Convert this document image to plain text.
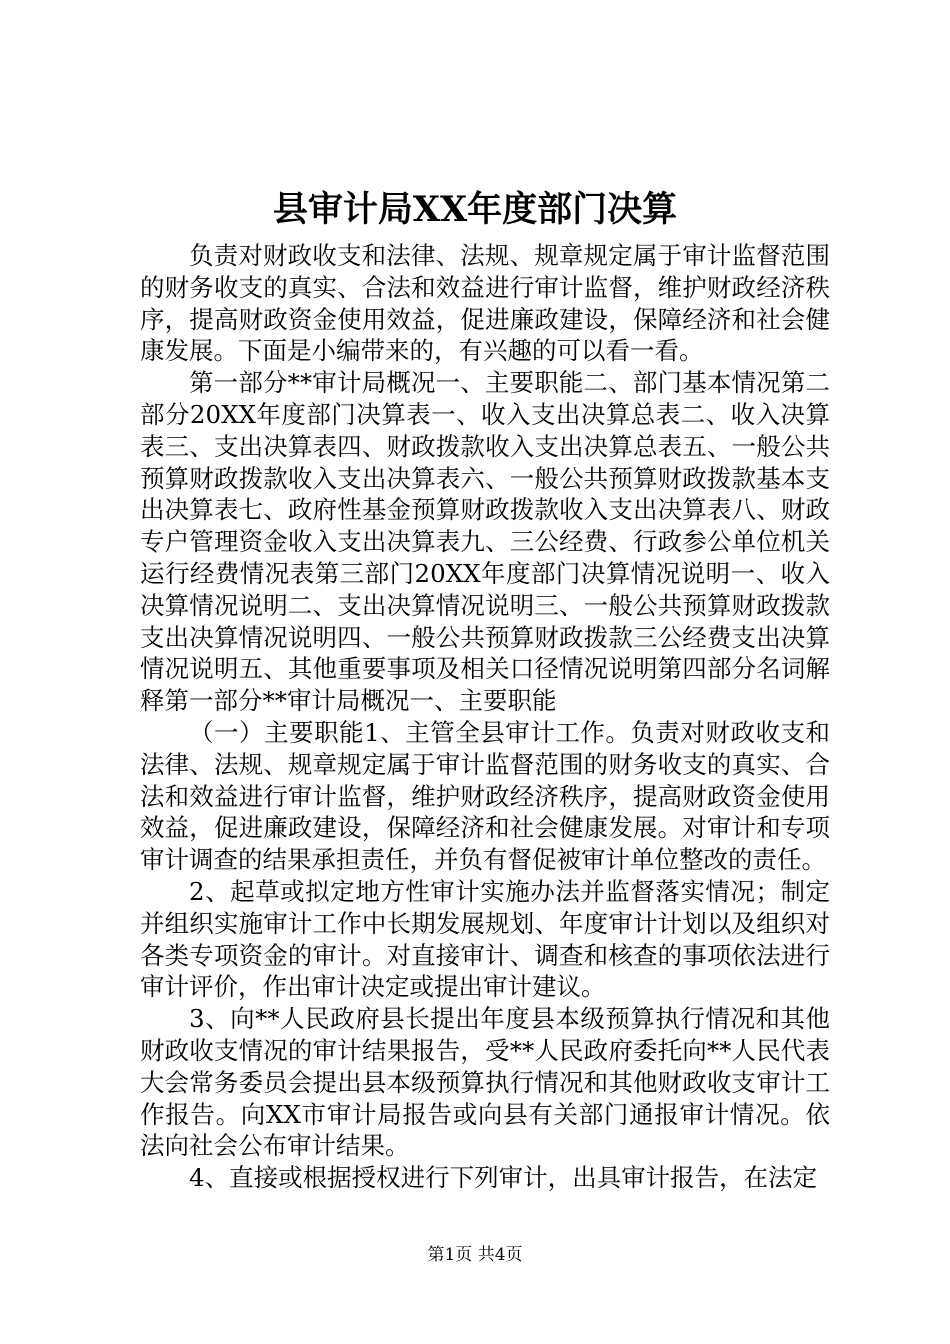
县审计局XX年度部门决算

负责对财政收支和法律、法规、规章规定属于审计监督范围的财务收支的真实、合法和效益进行审计监督，维护财政经济秩序，提高财政资金使用效益，促进廉政建设，保障经济和社会健康发展。下面是小编带来的，有兴趣的可以看一看。

第一部分**审计局概况一、主要职能二、部门基本情况第二部分20XX年度部门决算表一、收入支出决算总表二、收入决算表三、支出决算表四、财政拨款收入支出决算总表五、一般公共预算财政拨款收入支出决算表六、一般公共预算财政拨款基本支出决算表七、政府性基金预算财政拨款收入支出决算表八、财政专户管理资金收入支出决算表九、三公经费、行政参公单位机关运行经费情况表第三部门20XX年度部门决算情况说明一、收入决算情况说明二、支出决算情况说明三、一般公共预算财政拨款支出决算情况说明四、一般公共预算财政拨款三公经费支出决算情况说明五、其他重要事项及相关口径情况说明第四部分名词解释第一部分**审计局概况一、主要职能

（一）主要职能1、主管全县审计工作。负责对财政收支和法律、法规、规章规定属于审计监督范围的财务收支的真实、合法和效益进行审计监督，维护财政经济秩序，提高财政资金使用效益，促进廉政建设，保障经济和社会健康发展。对审计和专项审计调查的结果承担责任，并负有督促被审计单位整改的责任。

2、起草或拟定地方性审计实施办法并监督落实情况；制定并组织实施审计工作中长期发展规划、年度审计计划以及组织对各类专项资金的审计。对直接审计、调查和核查的事项依法进行审计评价，作出审计决定或提出审计建议。

3、向**人民政府县长提出年度县本级预算执行情况和其他财政收支情况的审计结果报告，受**人民政府委托向**人民代表大会常务委员会提出县本级预算执行情况和其他财政收支审计工作报告。向XX市审计局报告或向县有关部门通报审计情况。依法向社会公布审计结果。

4、直接或根据授权进行下列审计，出具审计报告，在法定

第1页 共4页
